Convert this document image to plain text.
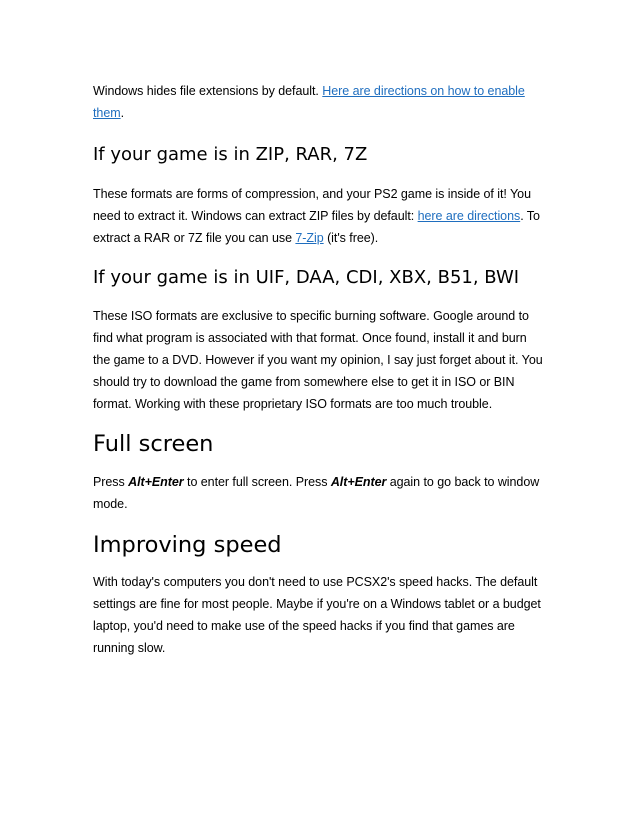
Windows hides file extensions by default. Here are directions on how to enable them.

If your game is in ZIP, RAR, 7Z

These formats are forms of compression, and your PS2 game is inside of it! You need to extract it. Windows can extract ZIP files by default: here are directions. To extract a RAR or 7Z file you can use 7-Zip (it's free).

If your game is in UIF, DAA, CDI, XBX, B51, BWI

These ISO formats are exclusive to specific burning software. Google around to find what program is associated with that format. Once found, install it and burn the game to a DVD. However if you want my opinion, I say just forget about it. You should try to download the game from somewhere else to get it in ISO or BIN format. Working with these proprietary ISO formats are too much trouble.

Full screen

Press Alt+Enter to enter full screen. Press Alt+Enter again to go back to window mode.

Improving speed

With today's computers you don't need to use PCSX2's speed hacks. The default settings are fine for most people. Maybe if you're on a Windows tablet or a budget laptop, you'd need to make use of the speed hacks if you find that games are running slow.
